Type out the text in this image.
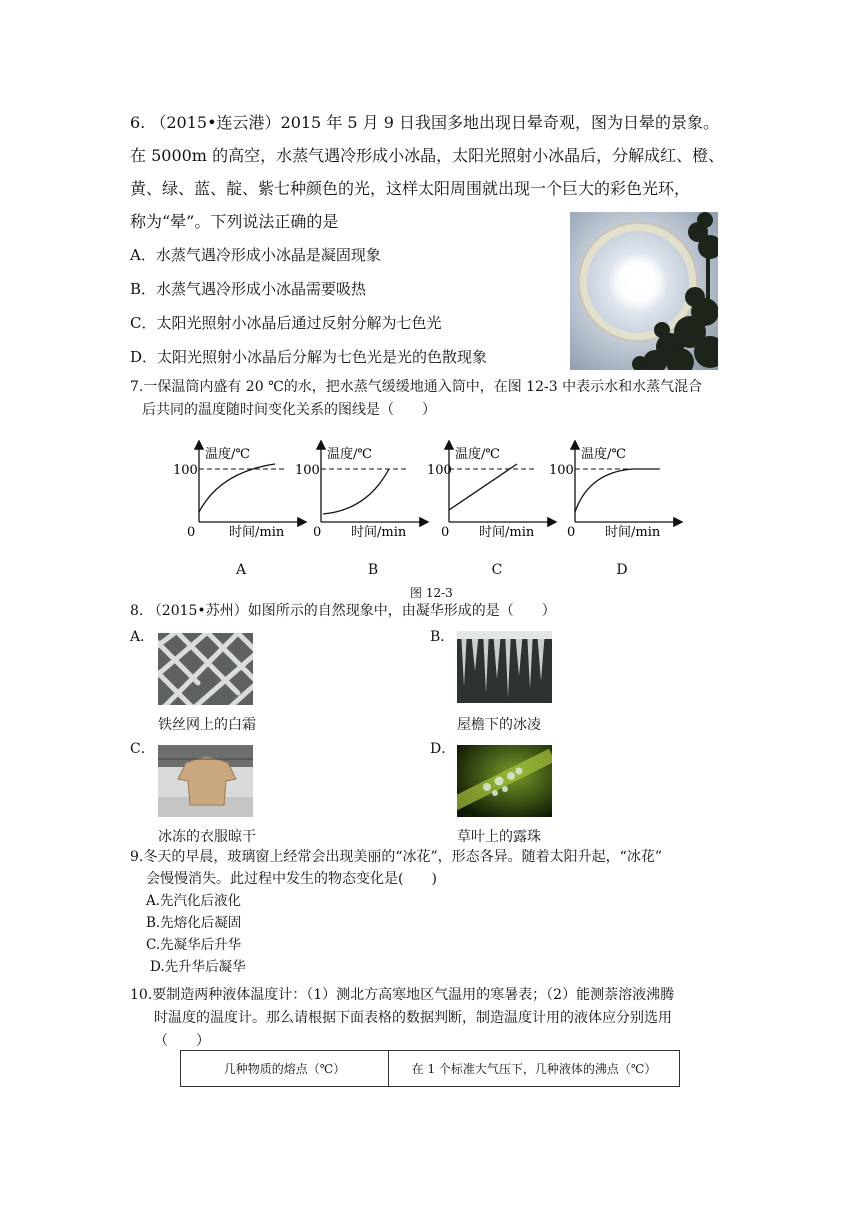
6. （2015•连云港）2015 年 5 月 9 日我国多地出现日晕奇观，图为日晕的景象。

在 5000m 的高空，水蒸气遇冷形成小冰晶，太阳光照射小冰晶后，分解成红、橙、

黄、绿、蓝、靛、紫七种颜色的光，这样太阳周围就出现一个巨大的彩色光环，

称为“晕”。下列说法正确的是

A．水蒸气遇冷形成小冰晶是凝固现象
B．水蒸气遇冷形成小冰晶需要吸热
C．太阳光照射小冰晶后通过反射分解为七色光
D．太阳光照射小冰晶后分解为七色光是光的色散现象
7.一保温筒内盛有 20 ℃的水，把水蒸气缓缓地通入筒中，在图 12-3 中表示水和水蒸气混合
后共同的温度随时间变化关系的图线是（　　）
温度/℃
100
0	时间/min
温度/℃
100
0 时间/min
温度/℃
100
0 时间/min
温度/℃
100
0 时间/min
A	B	C	D
图 12-3
8. （2015•苏州）如图所示的自然现象中，由凝华形成的是（　　）
A．
铁丝网上的白霜
B．
屋檐下的冰凌
C．
冰冻的衣服晾干
D．
草叶上的露珠
9.冬天的早晨，玻璃窗上经常会出现美丽的“冰花”，形态各异。随着太阳升起，“冰花”
会慢慢消失。此过程中发生的物态变化是(　　)
A.先汽化后液化
B.先熔化后凝固
C.先凝华后升华
D.先升华后凝华
10.要制造两种液体温度计：（1）测北方高寒地区气温用的寒暑表；（2）能测萘溶液沸腾
时温度的温度计。那么请根据下面表格的数据判断，制造温度计用的液体应分别选用
（　　）
几种物质的熔点（℃）	在 1 个标准大气压下，几种液体的沸点（℃）
